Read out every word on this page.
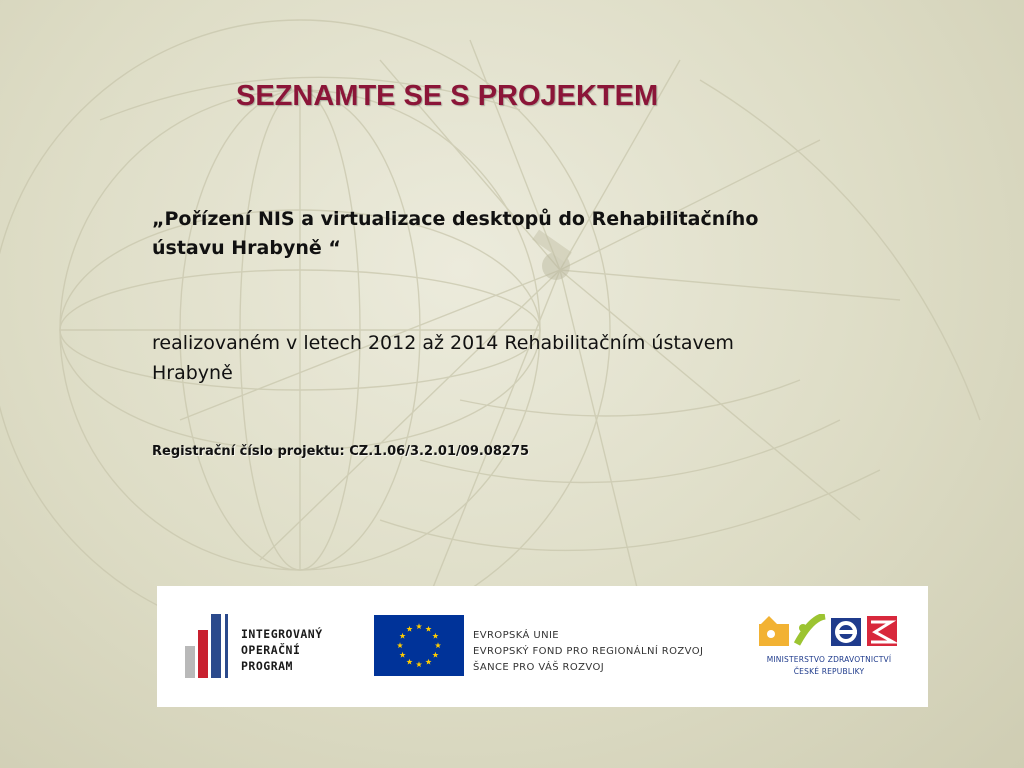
SEZNAMTE SE S PROJEKTEM
„Pořízení NIS a virtualizace desktopů do Rehabilitačního
ústavu Hrabyně “
realizovaném v letech 2012 až 2014 Rehabilitačním ústavem
Hrabyně
Registrační číslo projektu: CZ.1.06/3.2.01/09.08275
INTEGROVANÝ
OPERAČNÍ
PROGRAM
EVROPSKÁ UNIE
EVROPSKÝ FOND PRO REGIONÁLNÍ ROZVOJ
ŠANCE PRO VÁŠ ROZVOJ
MINISTERSTVO ZDRAVOTNICTVÍ
ČESKÉ REPUBLIKY
